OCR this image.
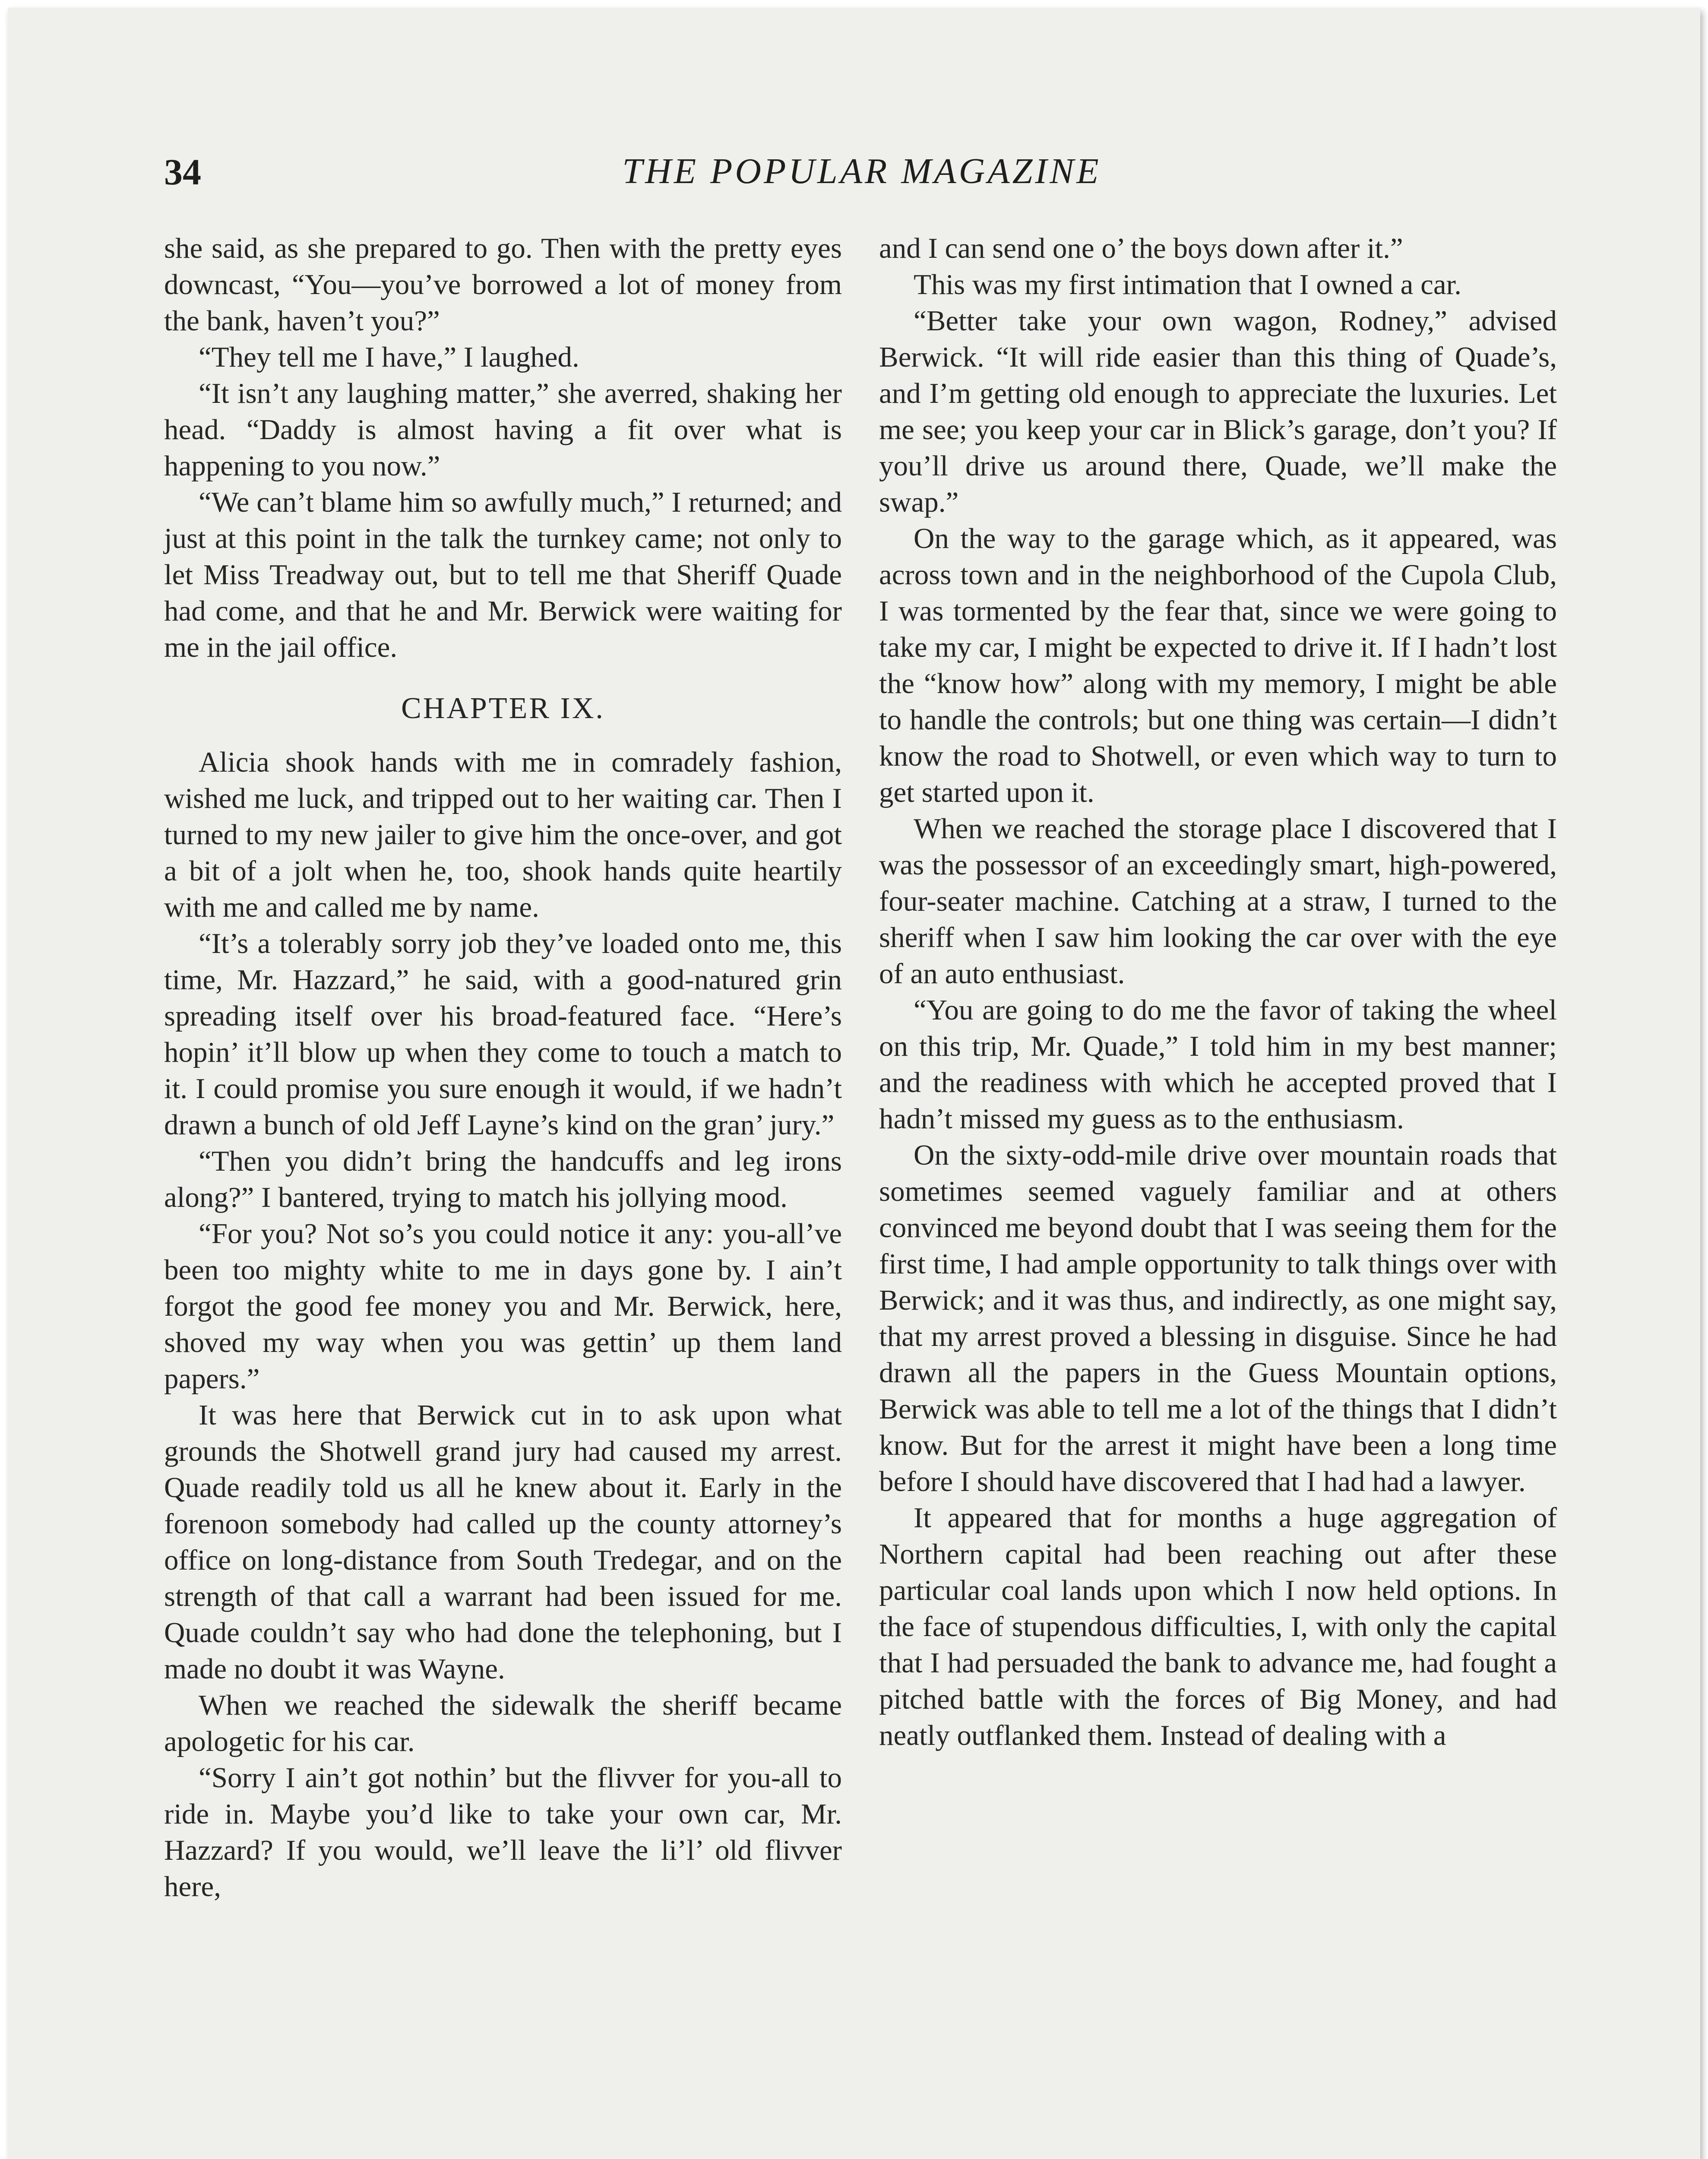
34	THE POPULAR MAGAZINE

she said, as she prepared to go. Then with the pretty eyes downcast, “You—you’ve borrowed a lot of money from the bank, haven’t you?”

“They tell me I have,” I laughed.

“It isn’t any laughing matter,” she averred, shaking her head. “Daddy is almost having a fit over what is happening to you now.”

“We can’t blame him so awfully much,” I returned; and just at this point in the talk the turnkey came; not only to let Miss Treadway out, but to tell me that Sheriff Quade had come, and that he and Mr. Berwick were waiting for me in the jail office.

CHAPTER IX.

Alicia shook hands with me in comradely fashion, wished me luck, and tripped out to her waiting car. Then I turned to my new jailer to give him the once-over, and got a bit of a jolt when he, too, shook hands quite heartily with me and called me by name.

“It’s a tolerably sorry job they’ve loaded onto me, this time, Mr. Hazzard,” he said, with a good-natured grin spreading itself over his broad-featured face. “Here’s hopin’ it’ll blow up when they come to touch a match to it. I could promise you sure enough it would, if we hadn’t drawn a bunch of old Jeff Layne’s kind on the gran’ jury.”

“Then you didn’t bring the handcuffs and leg irons along?” I bantered, trying to match his jollying mood.

“For you? Not so’s you could notice it any: you-all’ve been too mighty white to me in days gone by. I ain’t forgot the good fee money you and Mr. Berwick, here, shoved my way when you was gettin’ up them land papers.”

It was here that Berwick cut in to ask upon what grounds the Shotwell grand jury had caused my arrest. Quade readily told us all he knew about it. Early in the forenoon somebody had called up the county attorney’s office on long-distance from South Tredegar, and on the strength of that call a warrant had been issued for me. Quade couldn’t say who had done the telephoning, but I made no doubt it was Wayne.

When we reached the sidewalk the sheriff became apologetic for his car.

“Sorry I ain’t got nothin’ but the flivver for you-all to ride in. Maybe you’d like to take your own car, Mr. Hazzard? If you would, we’ll leave the li’l’ old flivver here,

and I can send one o’ the boys down after it.”

This was my first intimation that I owned a car.

“Better take your own wagon, Rodney,” advised Berwick. “It will ride easier than this thing of Quade’s, and I’m getting old enough to appreciate the luxuries. Let me see; you keep your car in Blick’s garage, don’t you? If you’ll drive us around there, Quade, we’ll make the swap.”

On the way to the garage which, as it appeared, was across town and in the neighborhood of the Cupola Club, I was tormented by the fear that, since we were going to take my car, I might be expected to drive it. If I hadn’t lost the “know how” along with my memory, I might be able to handle the controls; but one thing was certain—I didn’t know the road to Shotwell, or even which way to turn to get started upon it.

When we reached the storage place I discovered that I was the possessor of an exceedingly smart, high-powered, four-seater machine. Catching at a straw, I turned to the sheriff when I saw him looking the car over with the eye of an auto enthusiast.

“You are going to do me the favor of taking the wheel on this trip, Mr. Quade,” I told him in my best manner; and the readiness with which he accepted proved that I hadn’t missed my guess as to the enthusiasm.

On the sixty-odd-mile drive over mountain roads that sometimes seemed vaguely familiar and at others convinced me beyond doubt that I was seeing them for the first time, I had ample opportunity to talk things over with Berwick; and it was thus, and indirectly, as one might say, that my arrest proved a blessing in disguise. Since he had drawn all the papers in the Guess Mountain options, Berwick was able to tell me a lot of the things that I didn’t know. But for the arrest it might have been a long time before I should have discovered that I had had a lawyer.

It appeared that for months a huge aggregation of Northern capital had been reaching out after these particular coal lands upon which I now held options. In the face of stupendous difficulties, I, with only the capital that I had persuaded the bank to advance me, had fought a pitched battle with the forces of Big Money, and had neatly outflanked them. Instead of dealing with a
